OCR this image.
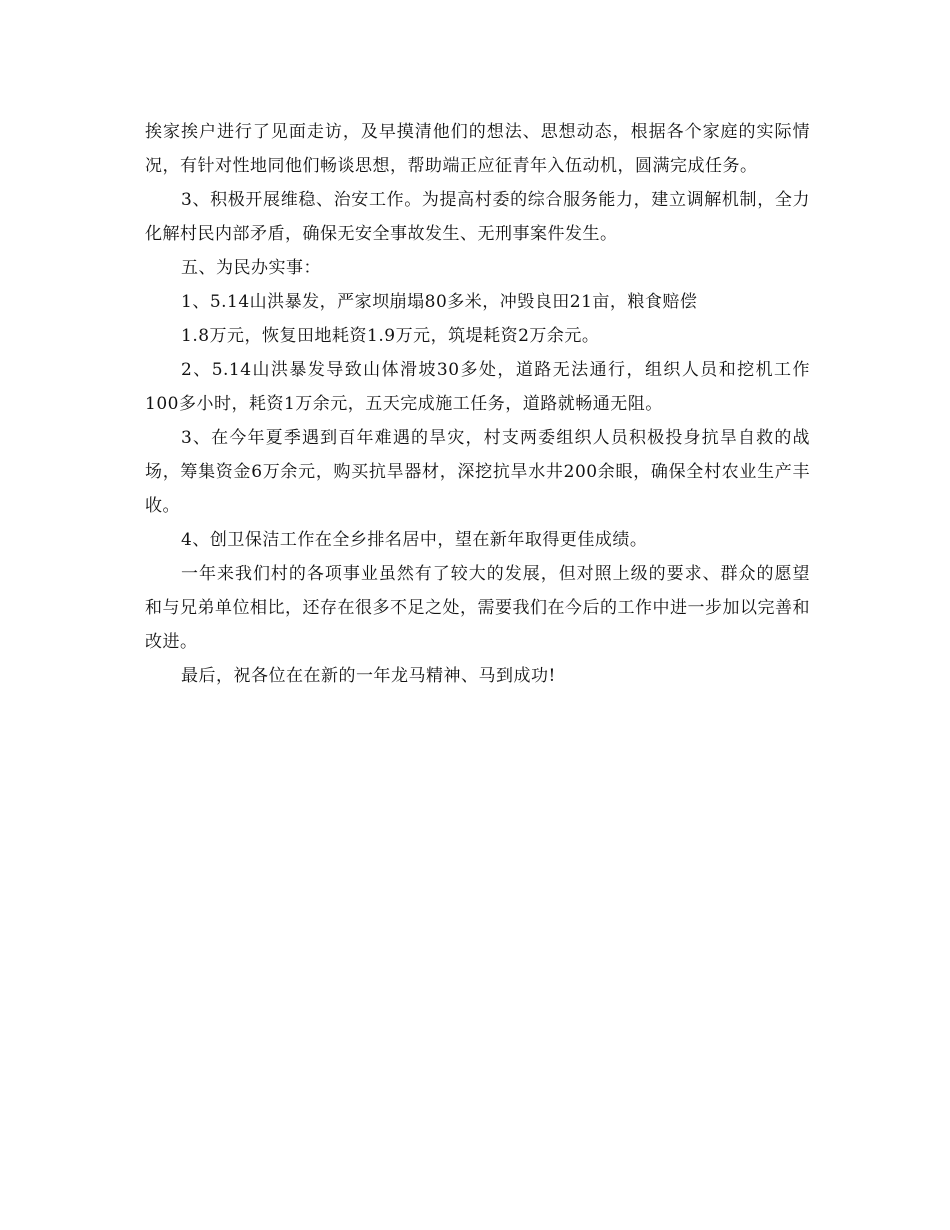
挨家挨户进行了见面走访，及早摸清他们的想法、思想动态，根据各个家庭的实际情况，有针对性地同他们畅谈思想，帮助端正应征青年入伍动机，圆满完成任务。

3、积极开展维稳、治安工作。为提高村委的综合服务能力，建立调解机制，全力化解村民内部矛盾，确保无安全事故发生、无刑事案件发生。

五、为民办实事：

1、5.14山洪暴发，严家坝崩塌80多米，冲毁良田21亩，粮食赔偿

1.8万元，恢复田地耗资1.9万元，筑堤耗资2万余元。

2、5.14山洪暴发导致山体滑坡30多处，道路无法通行，组织人员和挖机工作100多小时，耗资1万余元，五天完成施工任务，道路就畅通无阻。

3、在今年夏季遇到百年难遇的旱灾，村支两委组织人员积极投身抗旱自救的战场，筹集资金6万余元，购买抗旱器材，深挖抗旱水井200余眼，确保全村农业生产丰收。

4、创卫保洁工作在全乡排名居中，望在新年取得更佳成绩。

一年来我们村的各项事业虽然有了较大的发展，但对照上级的要求、群众的愿望和与兄弟单位相比，还存在很多不足之处，需要我们在今后的工作中进一步加以完善和改进。

最后，祝各位在在新的一年龙马精神、马到成功!
